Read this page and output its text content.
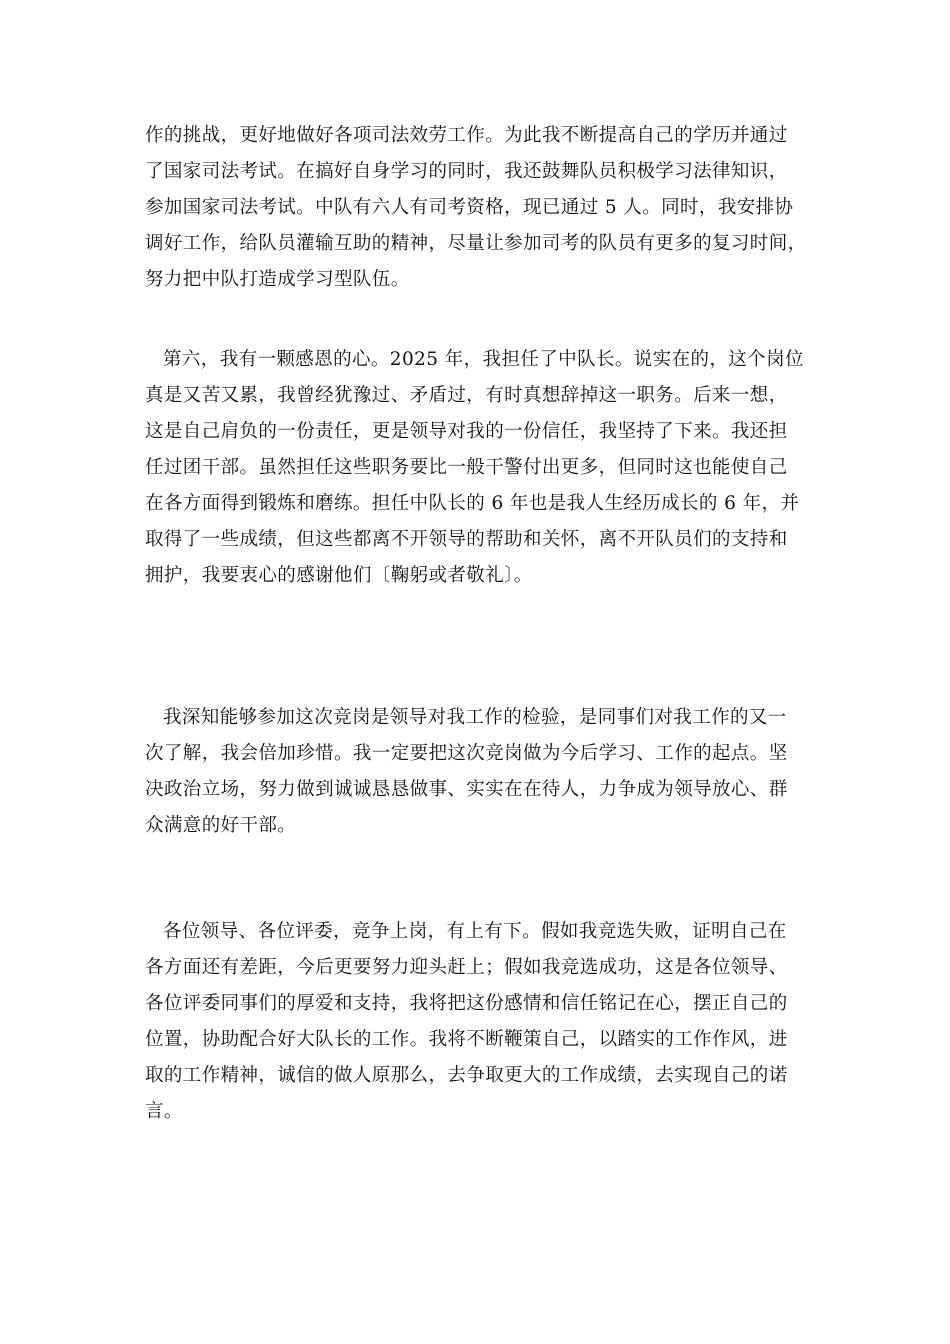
作的挑战，更好地做好各项司法效劳工作。为此我不断提高自己的学历并通过
了国家司法考试。在搞好自身学习的同时，我还鼓舞队员积极学习法律知识，
参加国家司法考试。中队有六人有司考资格，现已通过 5 人。同时，我安排协
调好工作，给队员灌输互助的精神，尽量让参加司考的队员有更多的复习时间，
努力把中队打造成学习型队伍。
第六，我有一颗感恩的心。2025 年，我担任了中队长。说实在的，这个岗位
真是又苦又累，我曾经犹豫过、矛盾过，有时真想辞掉这一职务。后来一想，
这是自己肩负的一份责任，更是领导对我的一份信任，我坚持了下来。我还担
任过团干部。虽然担任这些职务要比一般干警付出更多，但同时这也能使自己
在各方面得到锻炼和磨练。担任中队长的 6 年也是我人生经历成长的 6 年，并
取得了一些成绩，但这些都离不开领导的帮助和关怀，离不开队员们的支持和
拥护，我要衷心的感谢他们〔鞠躬或者敬礼〕。
我深知能够参加这次竞岗是领导对我工作的检验，是同事们对我工作的又一
次了解，我会倍加珍惜。我一定要把这次竞岗做为今后学习、工作的起点。坚
决政治立场，努力做到诚诚恳恳做事、实实在在待人，力争成为领导放心、群
众满意的好干部。
各位领导、各位评委，竞争上岗，有上有下。假如我竞选失败，证明自己在
各方面还有差距，今后更要努力迎头赶上；假如我竞选成功，这是各位领导、
各位评委同事们的厚爱和支持，我将把这份感情和信任铭记在心，摆正自己的
位置，协助配合好大队长的工作。我将不断鞭策自己，以踏实的工作作风，进
取的工作精神，诚信的做人原那么，去争取更大的工作成绩，去实现自己的诺
言。
